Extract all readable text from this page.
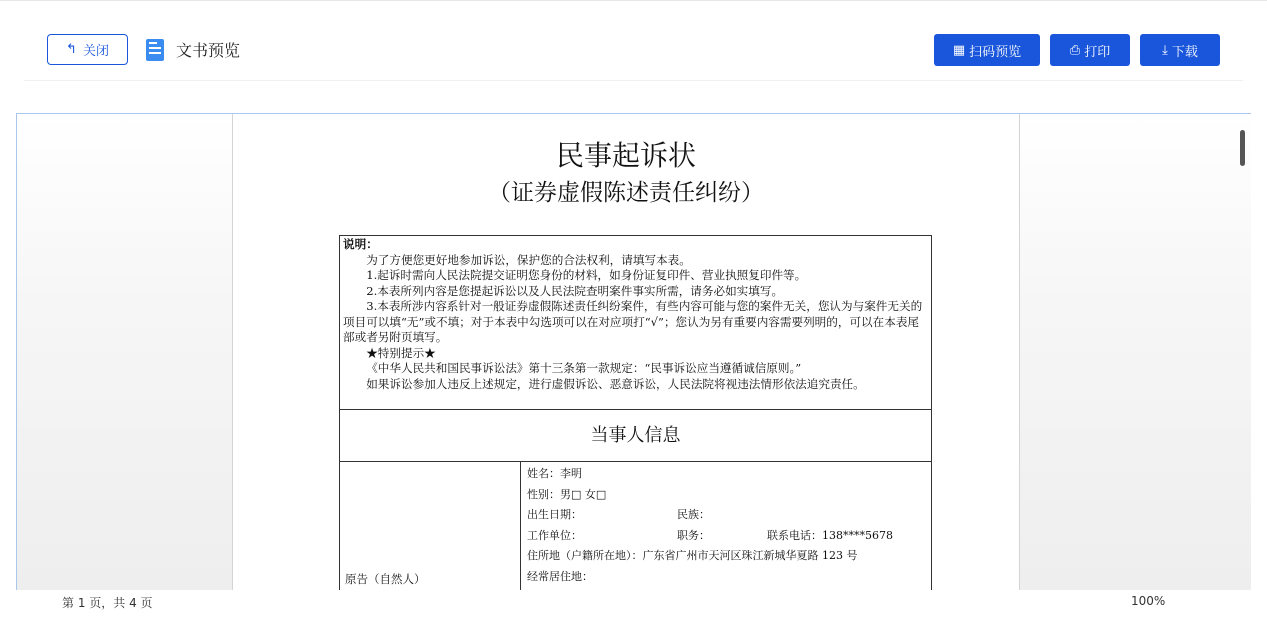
↰ 关闭	文书预览	▦ 扫码预览	⎙ 打印	⤓ 下载
民事起诉状
（证券虚假陈述责任纠纷）
说明：
为了方便您更好地参加诉讼，保护您的合法权利，请填写本表。
1.起诉时需向人民法院提交证明您身份的材料，如身份证复印件、营业执照复印件等。
2.本表所列内容是您提起诉讼以及人民法院查明案件事实所需，请务必如实填写。
3.本表所涉内容系针对一般证券虚假陈述责任纠纷案件，有些内容可能与您的案件无关，您认为与案件无关的项目可以填“无”或不填；对于本表中勾选项可以在对应项打“√”；您认为另有重要内容需要列明的，可以在本表尾部或者另附页填写。
★特别提示★
《中华人民共和国民事诉讼法》第十三条第一款规定：“民事诉讼应当遵循诚信原则。”
如果诉讼参加人违反上述规定，进行虚假诉讼、恶意诉讼，人民法院将视违法情形依法追究责任。
当事人信息
原告（自然人）
姓名：李明
性别：男□ 女□
出生日期：	民族：
工作单位：	职务：	联系电话：138****5678
住所地（户籍所在地）：广东省广州市天河区珠江新城华夏路 123 号
经常居住地：
第 1 页，共 4 页	100%
